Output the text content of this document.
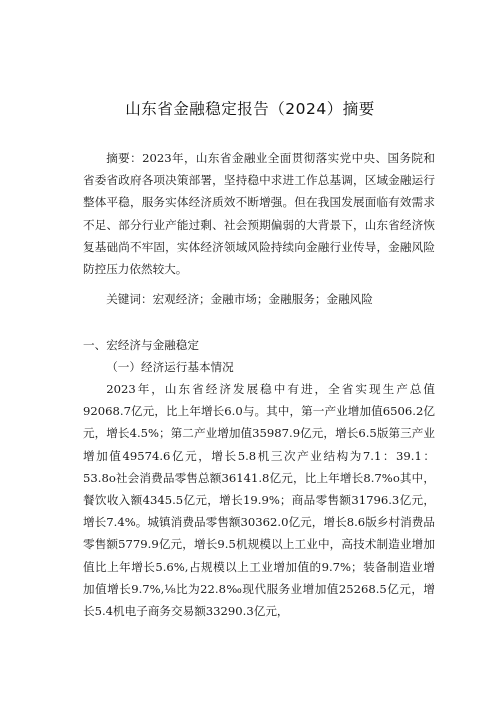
山东省金融稳定报告（2024）摘要

摘要：2023年，山东省金融业全面贯彻落实党中央、国务院和省委省政府各项决策部署，坚持稳中求进工作总基调，区域金融运行整体平稳，服务实体经济质效不断增强。但在我国发展面临有效需求不足、部分行业产能过剩、社会预期偏弱的大背景下，山东省经济恢复基础尚不牢固，实体经济领域风险持续向金融行业传导，金融风险防控压力依然较大。

关键词：宏观经济；金融市场；金融服务；金融风险

一、宏经济与金融稳定

（一）经济运行基本情况

2023年，山东省经济发展稳中有进，全省实现生产总值92068.7亿元，比上年增长6.0与。其中，第一产业增加值6506.2亿元，增长4.5%；第二产业增加值35987.9亿元，增长6.5版第三产业增加值49574.6亿元，增长5.8机三次产业结构为7.1：39.1：53.8o社会消费品零售总额36141.8亿元，比上年增长8.7%o其中，餐饮收入额4345.5亿元，增长19.9%；商品零售额31796.3亿元，增长7.4%。城镇消费品零售额30362.0亿元，增长8.6版乡村消费品零售额5779.9亿元，增长9.5机规模以上工业中，高技术制造业增加值比上年增长5.6%,占规模以上工业增加值的9.7%；装备制造业增加值增长9.7%,⅛比为22.8‰现代服务业增加值25268.5亿元，增长5.4机电子商务交易额33290.3亿元，
